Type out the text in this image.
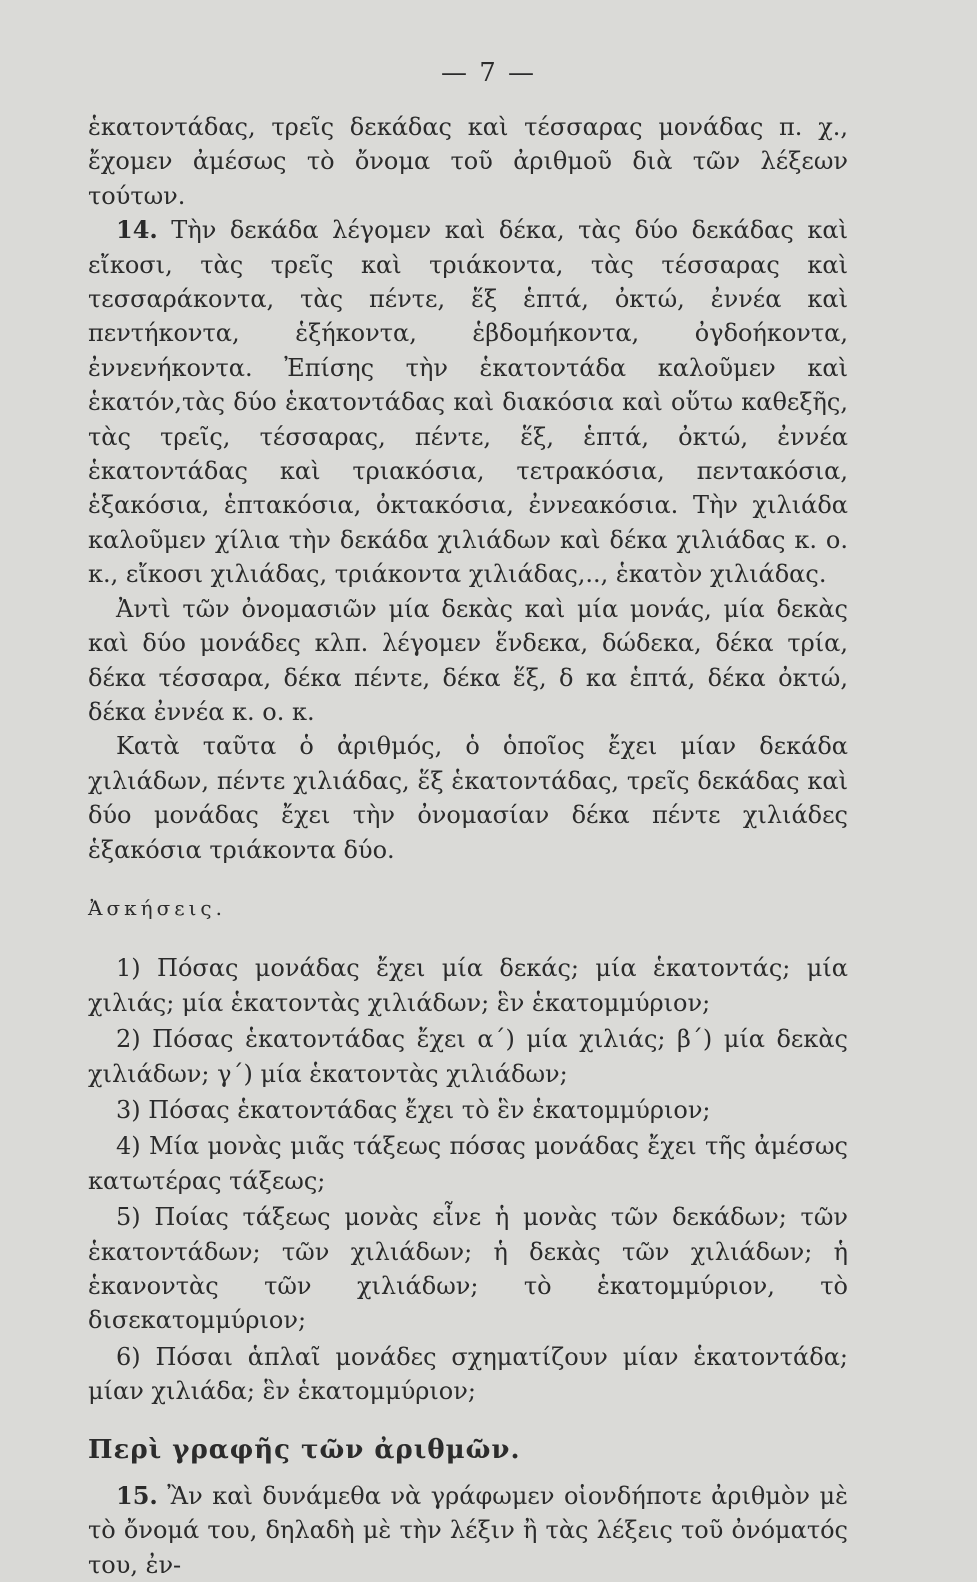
— 7 —

ἑκατοντάδας, τρεῖς δεκάδας καὶ τέσσαρας μονάδας π. χ., ἔχομεν ἀμέσως τὸ ὄνομα τοῦ ἀριθμοῦ διὰ τῶν λέξεων τούτων.

14. Τὴν δεκάδα λέγομεν καὶ δέκα, τὰς δύο δεκάδας καὶ εἴκοσι, τὰς τρεῖς καὶ τριάκοντα, τὰς τέσσαρας καὶ τεσσαράκοντα, τὰς πέντε, ἕξ ἑπτά, ὀκτώ, ἐννέα καὶ πεντήκοντα, ἑξήκοντα, ἑβδομήκοντα, ὀγδοήκοντα, ἐννενήκοντα. Ἐπίσης τὴν ἑκατοντάδα καλοῦμεν καὶ ἑκατόν,τὰς δύο ἑκατοντάδας καὶ διακόσια καὶ οὕτω καθεξῆς, τὰς τρεῖς, τέσσαρας, πέντε, ἕξ, ἑπτά, ὀκτώ, ἐννέα ἑκατοντάδας καὶ τριακόσια, τετρακόσια, πεντακόσια, ἑξακόσια, ἑπτακόσια, ὀκτακόσια, ἐννεακόσια. Τὴν χιλιάδα καλοῦμεν χίλια τὴν δεκάδα χιλιάδων καὶ δέκα χιλιάδας κ. ο. κ., εἴκοσι χιλιάδας, τριάκοντα χιλιάδας,.., ἑκατὸν χιλιάδας.

Ἀντὶ τῶν ὀνομασιῶν μία δεκὰς καὶ μία μονάς, μία δεκὰς καὶ δύο μονάδες κλπ. λέγομεν ἕνδεκα, δώδεκα, δέκα τρία, δέκα τέσσαρα, δέκα πέντε, δέκα ἕξ, δ κα ἑπτά, δέκα ὀκτώ, δέκα ἐννέα κ. ο. κ.

Κατὰ ταῦτα ὁ ἀριθμός, ὁ ὁποῖος ἔχει μίαν δεκάδα χιλιάδων, πέντε χιλιάδας, ἕξ ἑκατοντάδας, τρεῖς δεκάδας καὶ δύο μονάδας ἔχει τὴν ὀνομασίαν δέκα πέντε χιλιάδες ἑξακόσια τριάκοντα δύο.

Ἀσκήσεις.

1) Πόσας μονάδας ἔχει μία δεκάς; μία ἑκατοντάς; μία χιλιάς; μία ἑκατοντὰς χιλιάδων; ἓν ἑκατομμύριον;

2) Πόσας ἑκατοντάδας ἔχει α΄) μία χιλιάς; β΄) μία δεκὰς χιλιάδων; γ΄) μία ἑκατοντὰς χιλιάδων;

3) Πόσας ἑκατοντάδας ἔχει τὸ ἓν ἑκατομμύριον;

4) Μία μονὰς μιᾶς τάξεως πόσας μονάδας ἔχει τῆς ἀμέσως κατωτέρας τάξεως;

5) Ποίας τάξεως μονὰς εἶνε ἡ μονὰς τῶν δεκάδων; τῶν ἑκατοντάδων; τῶν χιλιάδων; ἡ δεκὰς τῶν χιλιάδων; ἡ ἑκανοντὰς τῶν χιλιάδων; τὸ ἑκατομμύριον, τὸ δισεκατομμύριον;

6) Πόσαι ἁπλαῖ μονάδες σχηματίζουν μίαν ἑκατοντάδα; μίαν χιλιάδα; ἓν ἑκατομμύριον;

Περὶ γραφῆς τῶν ἀριθμῶν.

15. Ἂν καὶ δυνάμεθα νὰ γράφωμεν οἱονδήποτε ἀριθμὸν μὲ τὸ ὄνομά του, δηλαδὴ μὲ τὴν λέξιν ἢ τὰς λέξεις τοῦ ὀνόματός του, ἐν-
